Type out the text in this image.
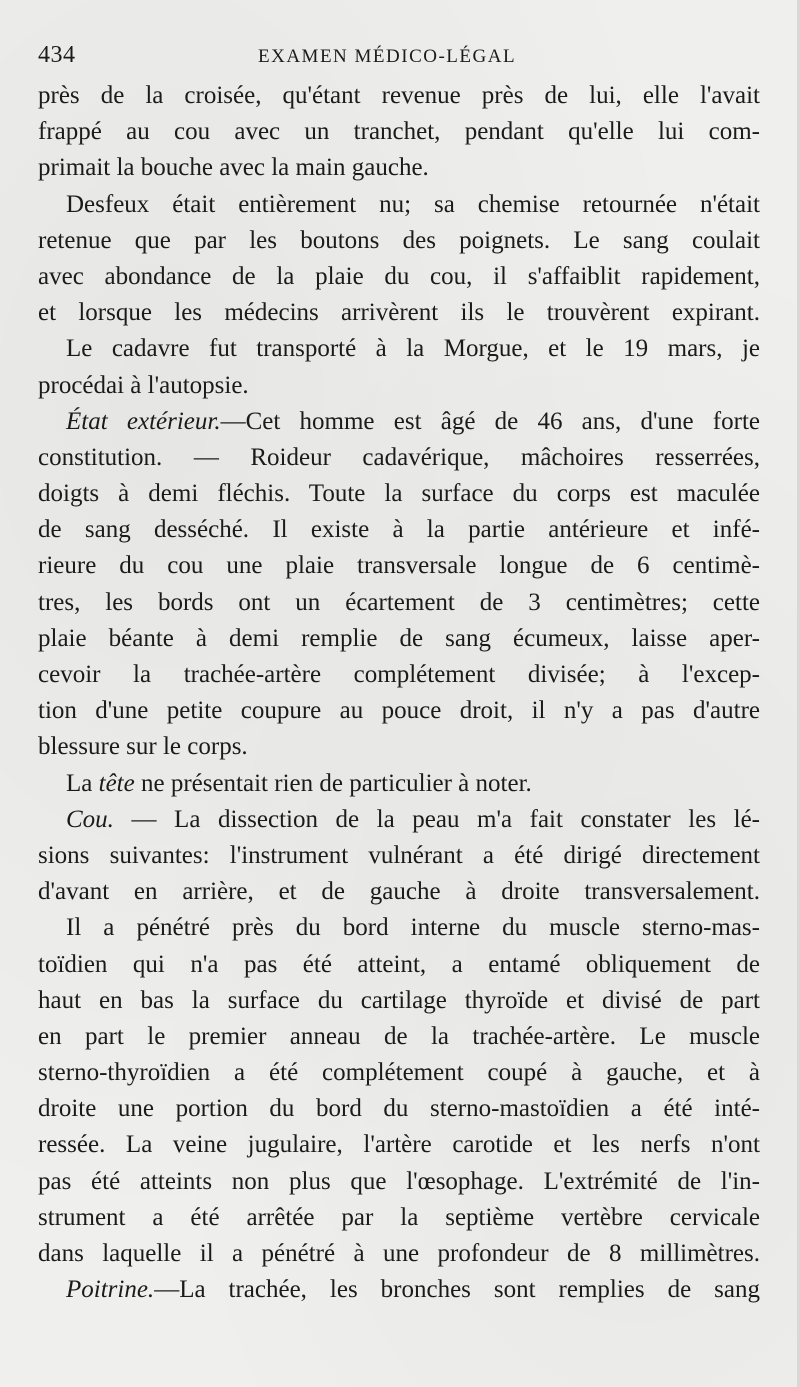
434	EXAMEN MÉDICO-LÉGAL
près de la croisée, qu'étant revenue près de lui, elle l'avait
frappé au cou avec un tranchet, pendant qu'elle lui com-
primait la bouche avec la main gauche.
Desfeux était entièrement nu; sa chemise retournée n'était
retenue que par les boutons des poignets. Le sang coulait
avec abondance de la plaie du cou, il s'affaiblit rapidement,
et lorsque les médecins arrivèrent ils le trouvèrent expirant.
Le cadavre fut transporté à la Morgue, et le 19 mars, je
procédai à l'autopsie.
État extérieur.—Cet homme est âgé de 46 ans, d'une forte
constitution. — Roideur cadavérique, mâchoires resserrées,
doigts à demi fléchis. Toute la surface du corps est maculée
de sang desséché. Il existe à la partie antérieure et infé-
rieure du cou une plaie transversale longue de 6 centimè-
tres, les bords ont un écartement de 3 centimètres; cette
plaie béante à demi remplie de sang écumeux, laisse aper-
cevoir la trachée-artère complétement divisée; à l'excep-
tion d'une petite coupure au pouce droit, il n'y a pas d'autre
blessure sur le corps.
La tête ne présentait rien de particulier à noter.
Cou. — La dissection de la peau m'a fait constater les lé-
sions suivantes: l'instrument vulnérant a été dirigé directement
d'avant en arrière, et de gauche à droite transversalement.
Il a pénétré près du bord interne du muscle sterno-mas-
toïdien qui n'a pas été atteint, a entamé obliquement de
haut en bas la surface du cartilage thyroïde et divisé de part
en part le premier anneau de la trachée-artère. Le muscle
sterno-thyroïdien a été complétement coupé à gauche, et à
droite une portion du bord du sterno-mastoïdien a été inté-
ressée. La veine jugulaire, l'artère carotide et les nerfs n'ont
pas été atteints non plus que l'œsophage. L'extrémité de l'in-
strument a été arrêtée par la septième vertèbre cervicale
dans laquelle il a pénétré à une profondeur de 8 millimètres.
Poitrine.—La trachée, les bronches sont remplies de sang
